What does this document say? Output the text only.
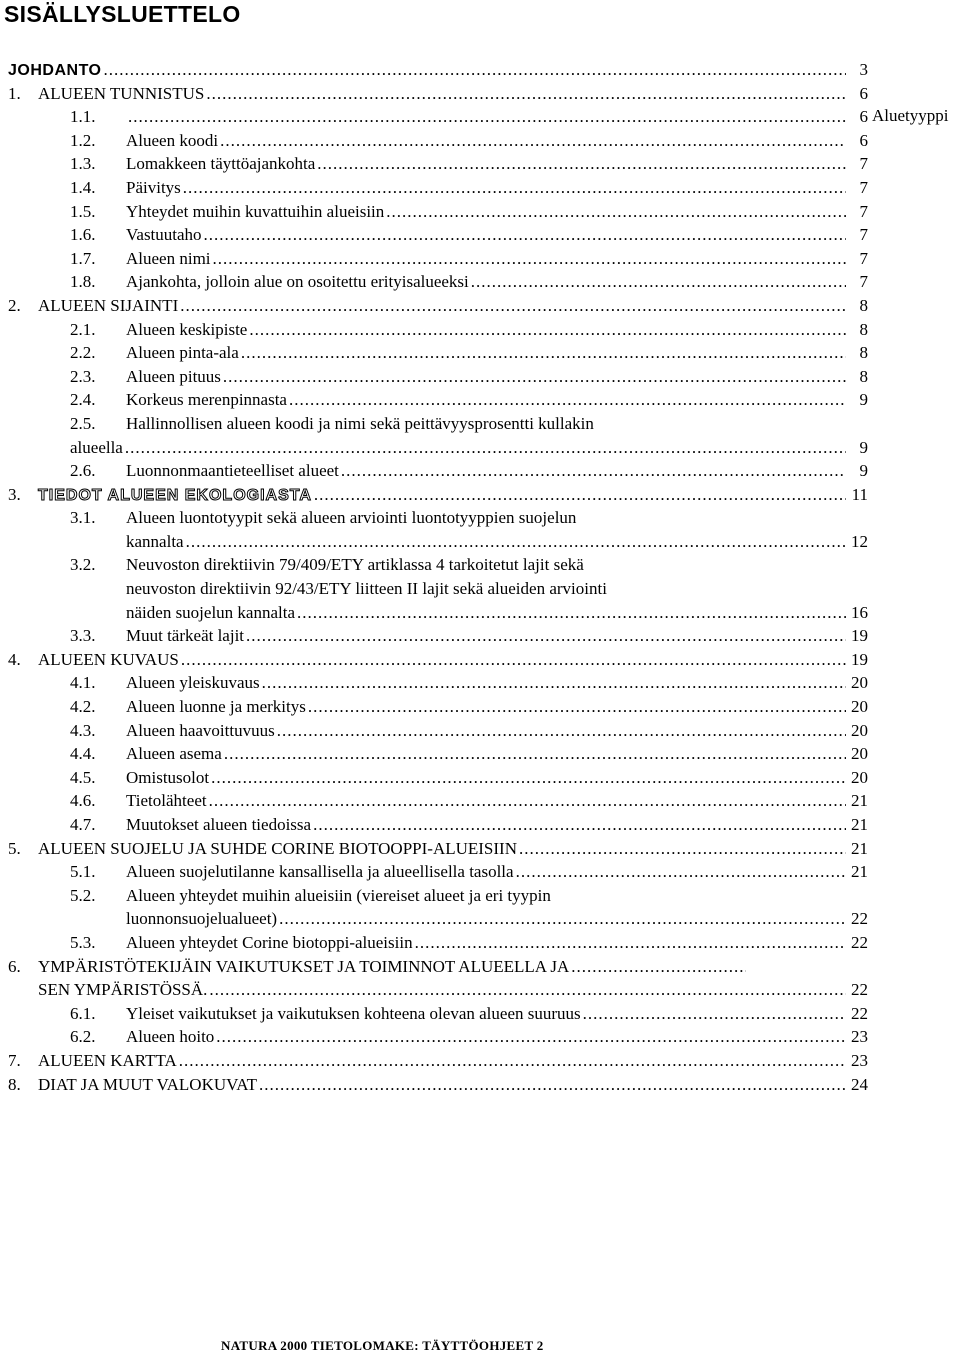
SISÄLLYSLUETTELO
Aluetyyppi
JOHDANTO .....	3
1. ALUEEN TUNNISTUS .....	6
1.1. .....	6
1.2. Alueen koodi .....	6
1.3. Lomakkeen täyttöajankohta .....	7
1.4. Päivitys .....	7
1.5. Yhteydet muihin kuvattuihin alueisiin .....	7
1.6. Vastuutaho .....	7
1.7. Alueen nimi .....	7
1.8. Ajankohta, jolloin alue on osoitettu erityisalueeksi .....	7
2. ALUEEN SIJAINTI .....	8
2.1. Alueen keskipiste .....	8
2.2. Alueen pinta-ala .....	8
2.3. Alueen pituus .....	8
2.4. Korkeus merenpinnasta .....	9
2.5. Hallinnollisen alueen koodi ja nimi sekä peittävyysprosentti kullakin
alueella .....	9
2.6. Luonnonmaantieteelliset alueet .....	9
3. TIEDOT ALUEEN EKOLOGIASTA .....	11
3.1. Alueen luontotyypit sekä alueen arviointi luontotyyppien suojelun
kannalta .....	12
3.2. Neuvoston direktiivin 79/409/ETY artiklassa 4 tarkoitetut lajit sekä
neuvoston direktiivin 92/43/ETY liitteen II lajit sekä alueiden arviointi
näiden suojelun kannalta .....	16
3.3. Muut tärkeät lajit .....	19
4. ALUEEN KUVAUS .....	19
4.1. Alueen yleiskuvaus .....	20
4.2. Alueen luonne ja merkitys .....	20
4.3. Alueen haavoittuvuus .....	20
4.4. Alueen asema .....	20
4.5. Omistusolot .....	20
4.6. Tietolähteet .....	21
4.7. Muutokset alueen tiedoissa .....	21
5. ALUEEN SUOJELU JA SUHDE CORINE BIOTOOPPI-ALUEISIIN .....	21
5.1. Alueen suojelutilanne kansallisella ja alueellisella tasolla .....	21
5.2. Alueen yhteydet muihin alueisiin (viereiset alueet ja eri tyypin
luonnonsuojelualueet) .....	22
5.3. Alueen yhteydet Corine biotoppi-alueisiin .....	22
6. YMPÄRISTÖTEKIJÄIN VAIKUTUKSET JA TOIMINNOT ALUEELLA JA
.....
SEN YMPÄRISTÖSSÄ. .....	22
6.1. Yleiset vaikutukset ja vaikutuksen kohteena olevan alueen suuruus .....	22
6.2. Alueen hoito .....	23
7. ALUEEN KARTTA .....	23
8. DIAT JA MUUT VALOKUVAT .....	24
NATURA 2000 TIETOLOMAKE: TÄYTTÖOHJEET 2
